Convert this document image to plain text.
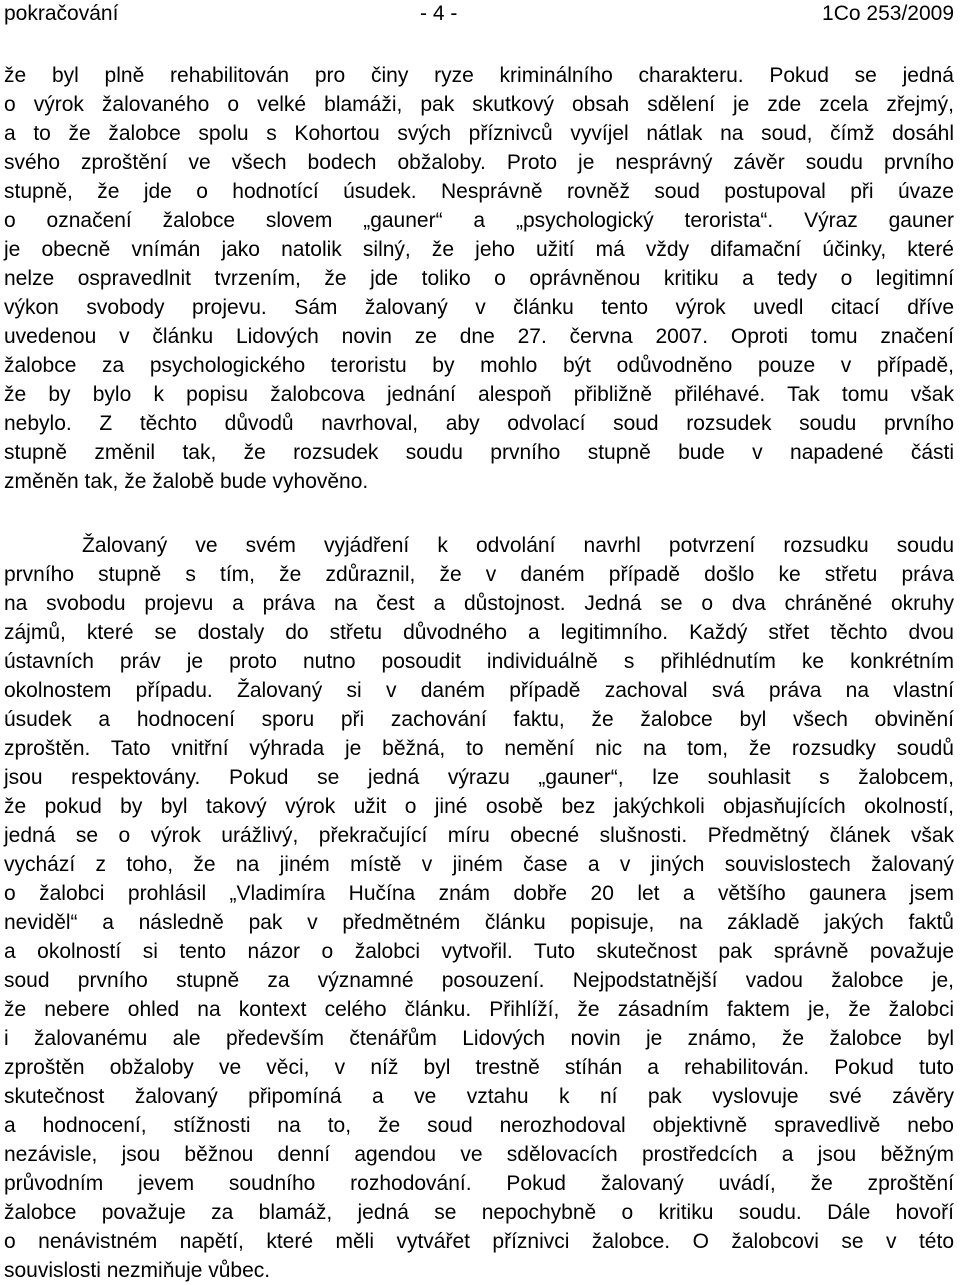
pokračování	- 4 -	1Co 253/2009
že byl plně rehabilitován pro činy ryze kriminálního charakteru. Pokud se jedná
o výrok žalovaného o velké blamáži, pak skutkový obsah sdělení je zde zcela zřejmý,
a to že žalobce spolu s Kohortou svých příznivců vyvíjel nátlak na soud, čímž dosáhl
svého zproštění ve všech bodech obžaloby. Proto je nesprávný závěr soudu prvního
stupně, že jde o hodnotící úsudek. Nesprávně rovněž soud postupoval při úvaze
o označení žalobce slovem „gauner“ a „psychologický terorista“. Výraz gauner
je obecně vnímán jako natolik silný, že jeho užití má vždy difamační účinky, které
nelze ospravedlnit tvrzením, že jde toliko o oprávněnou kritiku a tedy o legitimní
výkon svobody projevu. Sám žalovaný v článku tento výrok uvedl citací dříve
uvedenou v článku Lidových novin ze dne 27. června 2007. Oproti tomu značení
žalobce za psychologického teroristu by mohlo být odůvodněno pouze v případě,
že by bylo k popisu žalobcova jednání alespoň přibližně přiléhavé. Tak tomu však
nebylo. Z těchto důvodů navrhoval, aby odvolací soud rozsudek soudu prvního
stupně změnil tak, že rozsudek soudu prvního stupně bude v napadené části
změněn tak, že žalobě bude vyhověno.
Žalovaný ve svém vyjádření k odvolání navrhl potvrzení rozsudku soudu
prvního stupně s tím, že zdůraznil, že v daném případě došlo ke střetu práva
na svobodu projevu a práva na čest a důstojnost. Jedná se o dva chráněné okruhy
zájmů, které se dostaly do střetu důvodného a legitimního. Každý střet těchto dvou
ústavních práv je proto nutno posoudit individuálně s přihlédnutím ke konkrétním
okolnostem případu. Žalovaný si v daném případě zachoval svá práva na vlastní
úsudek a hodnocení sporu při zachování faktu, že žalobce byl všech obvinění
zproštěn. Tato vnitřní výhrada je běžná, to nemění nic na tom, že rozsudky soudů
jsou respektovány. Pokud se jedná výrazu „gauner“, lze souhlasit s žalobcem,
že pokud by byl takový výrok užit o jiné osobě bez jakýchkoli objasňujících okolností,
jedná se o výrok urážlivý, překračující míru obecné slušnosti. Předmětný článek však
vychází z toho, že na jiném místě v jiném čase a v jiných souvislostech žalovaný
o žalobci prohlásil „Vladimíra Hučína znám dobře 20 let a většího gaunera jsem
neviděl“ a následně pak v předmětném článku popisuje, na základě jakých faktů
a okolností si tento názor o žalobci vytvořil. Tuto skutečnost pak správně považuje
soud prvního stupně za významné posouzení. Nejpodstatnější vadou žalobce je,
že nebere ohled na kontext celého článku. Přihlíží, že zásadním faktem je, že žalobci
i žalovanému ale především čtenářům Lidových novin je známo, že žalobce byl
zproštěn obžaloby ve věci, v níž byl trestně stíhán a rehabilitován. Pokud tuto
skutečnost žalovaný připomíná a ve vztahu k ní pak vyslovuje své závěry
a hodnocení, stížnosti na to, že soud nerozhodoval objektivně spravedlivě nebo
nezávisle, jsou běžnou denní agendou ve sdělovacích prostředcích a jsou běžným
průvodním jevem soudního rozhodování. Pokud žalovaný uvádí, že zproštění
žalobce považuje za blamáž, jedná se nepochybně o kritiku soudu. Dále hovoří
o nenávistném napětí, které měli vytvářet příznivci žalobce. O žalobcovi se v této
souvislosti nezmiňuje vůbec.
